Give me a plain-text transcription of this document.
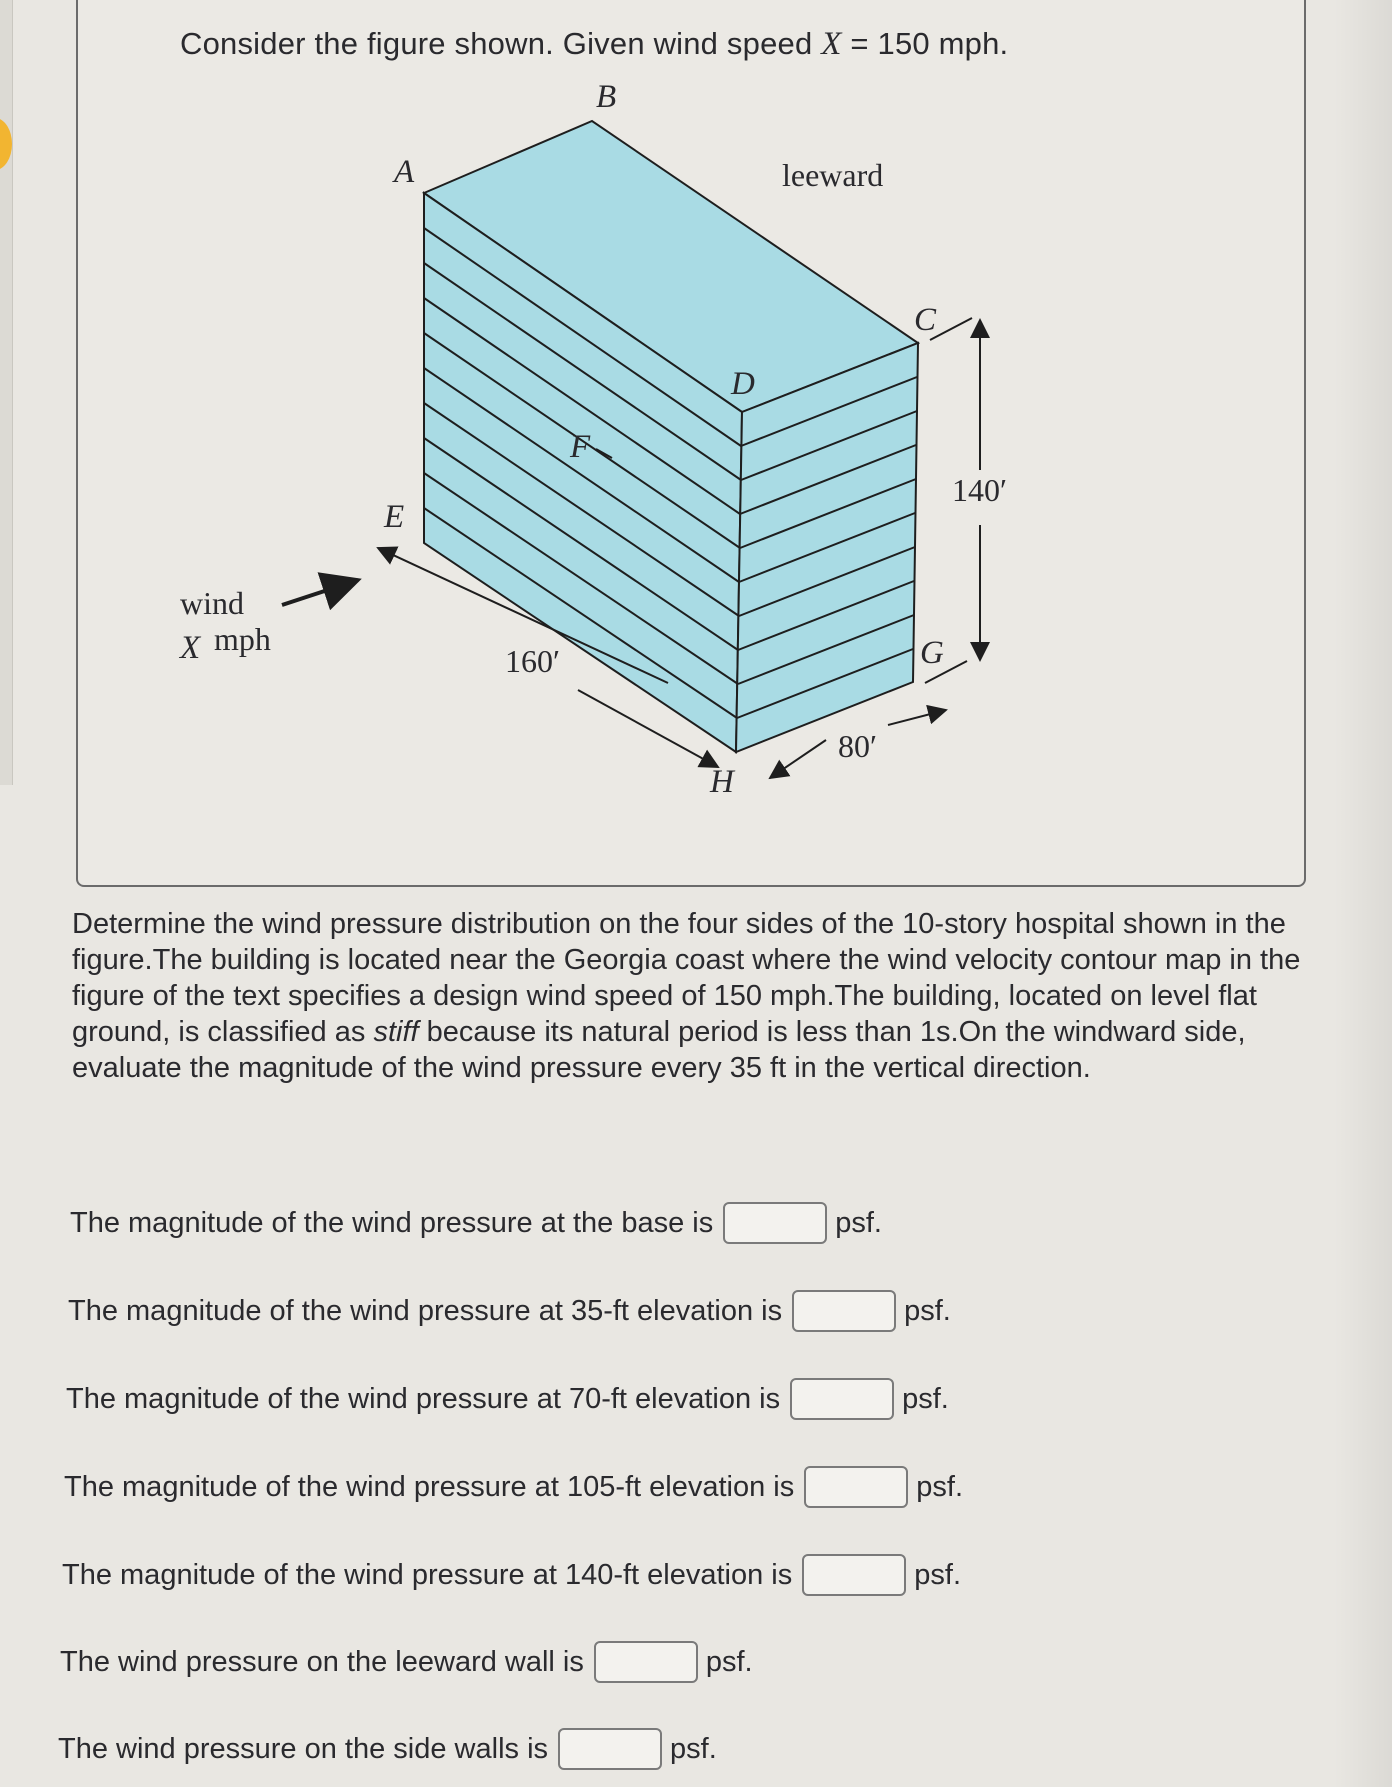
Consider the figure shown. Given wind speed X = 150 mph.
B
A	leeward
C
D
F
E
140′
G
160′
80′
H
wind
X mph
Determine the wind pressure distribution on the four sides of the 10-story hospital shown in the figure.The building is located near the Georgia coast where the wind velocity contour map in the figure of the text specifies a design wind speed of 150 mph.The building, located on level flat ground, is classified as stiff because its natural period is less than 1s.On the windward side, evaluate the magnitude of the wind pressure every 35 ft in the vertical direction.
The magnitude of the wind pressure at the base is	psf.
The magnitude of the wind pressure at 35-ft elevation is	psf.
The magnitude of the wind pressure at 70-ft elevation is	psf.
The magnitude of the wind pressure at 105-ft elevation is	psf.
The magnitude of the wind pressure at 140-ft elevation is	psf.
The wind pressure on the leeward wall is	psf.
The wind pressure on the side walls is	psf.
